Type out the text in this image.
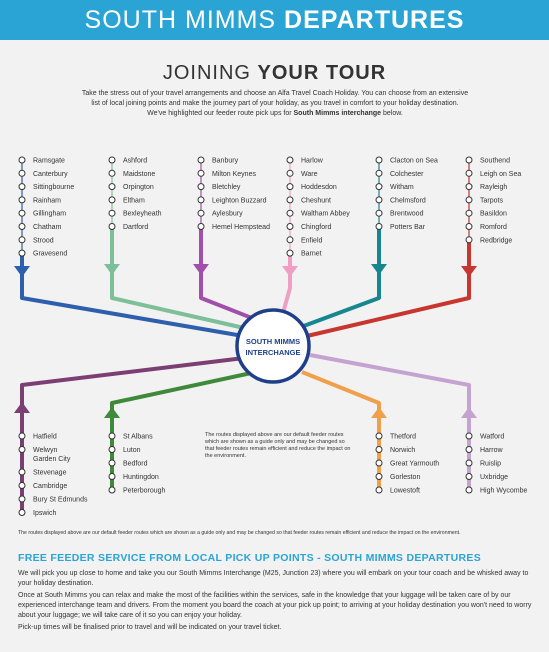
SOUTH MIMMS DEPARTURES
JOINING YOUR TOUR

Take the stress out of your travel arrangements and choose an Alfa Travel Coach Holiday. You can choose from an extensive

list of local joining points and make the journey part of your holiday, as you travel in comfort to your holiday destination.

We've highlighted our feeder route pick ups for South Mimms interchange below.

SOUTH MIMMS
INTERCHANGE
Ramsgate
Canterbury
Sittingbourne
Rainham
Gillingham
Chatham
Strood
Gravesend
Ashford
Maidstone
Orpington
Eltham
Bexleyheath
Dartford
Banbury
Milton Keynes
Bletchley
Leighton Buzzard
Aylesbury
Hemel Hempstead
Harlow
Ware
Hoddesdon
Cheshunt
Waltham Abbey
Chingford
Enfield
Barnet
Clacton on Sea
Colchester
Witham
Chelmsford
Brentwood
Potters Bar
Southend
Leigh on Sea
Rayleigh
Tarpots
Basildon
Romford
Redbridge
Hatfield
Welwyn
Garden City
Stevenage
Cambridge
Bury St Edmunds
Ipswich
St Albans
Luton
Bedford
Huntingdon
Peterborough
Thetford
Norwich
Great Yarmouth
Gorleston
Lowestoft
Watford
Harrow
Ruislip
Uxbridge
High Wycombe
The routes displayed above are our default feeder routes which are shown as a guide only and may be changed so that feeder routes remain efficient and reduce the impact on the environment.
The routes displayed above are our default feeder routes which are shown as a guide only and may be changed so that feeder routes remain efficient and reduce the impact on the environment.
FREE FEEDER SERVICE FROM LOCAL PICK UP POINTS - SOUTH MIMMS DEPARTURES

We will pick you up close to home and take you our South Mimms Interchange (M25, Junction 23) where you will embark on your tour coach and be whisked away to your holiday destination.

Once at South Mimms you can relax and make the most of the facilities within the services, safe in the knowledge that your luggage will be taken care of by our experienced interchange team and drivers. From the moment you board the coach at your pick up point; to arriving at your holiday destination you won't need to worry about your luggage; we will take care of it so you can enjoy your holiday.

Pick-up times will be finalised prior to travel and will be indicated on your travel ticket.
